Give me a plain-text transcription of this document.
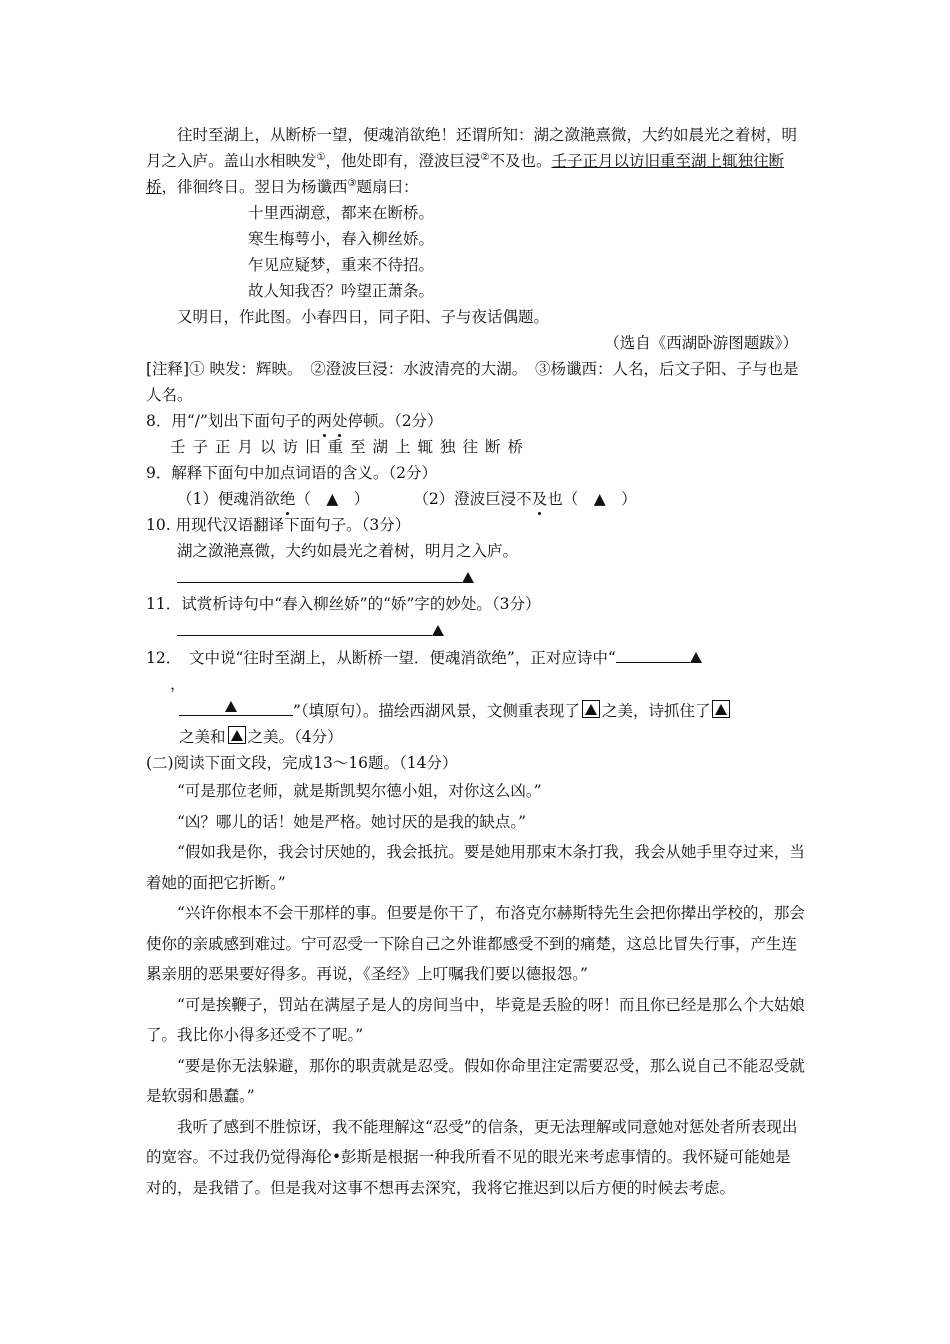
往时至湖上，从断桥一望，便魂消欲绝！还谓所知：湖之潋滟熹微，大约如晨光之着树，明月之入庐。盖山水相映发①，他处即有，澄波巨浸②不及也。壬子正月以访旧重至湖上辄独往断桥，徘徊终日。翌日为杨谶西③题扇曰：

十里西湖意，都来在断桥。

寒生梅萼小，春入柳丝娇。

乍见应疑梦，重来不待招。

故人知我否？吟望正萧条。

又明日，作此图。小春四日，同子阳、子与夜话偶题。

（选自《西湖卧游图题跋》）

[注释]① 映发：辉映。　②澄波巨浸：水波清亮的大湖。　③杨谶西：人名，后文子阳、子与也是人名。

8．用“/”划出下面句子的两处停顿。（2分）

壬子正月以访旧重至湖上辄独往断桥

9．解释下面句中加点词语的含义。（2分）

（1）便魂消欲绝（　▲　）	（2）澄波巨浸不及也（　▲　）

10. 用现代汉语翻译下面句子。（3分）

湖之潋滟熹微，大约如晨光之着树，明月之入庐。

11．试赏析诗句中“春入柳丝娇”的“娇”字的妙处。（3分）

12．　文中说“往时至湖上，从断桥一望．便魂消欲绝”，正对应诗中“

，

”（填原句）。描绘西湖风景，文侧重表现了 之美，诗抓住了

之美和 之美。（4分）

(二)阅读下面文段，完成13～16题。（14分）

“可是那位老师，就是斯凯契尔德小姐，对你这么凶。”

“凶？哪儿的话！她是严格。她讨厌的是我的缺点。”

“假如我是你，我会讨厌她的，我会抵抗。要是她用那束木条打我，我会从她手里夺过来，当着她的面把它折断。”

“兴许你根本不会干那样的事。但要是你干了，布洛克尔赫斯特先生会把你撵出学校的，那会使你的亲戚感到难过。宁可忍受一下除自己之外谁都感受不到的痛楚，这总比冒失行事，产生连累亲朋的恶果要好得多。再说，《圣经》上叮嘱我们要以德报怨。”

“可是挨鞭子，罚站在满屋子是人的房间当中，毕竟是丢脸的呀！而且你已经是那么个大姑娘了。我比你小得多还受不了呢。”

“要是你无法躲避，那你的职责就是忍受。假如你命里注定需要忍受，那么说自己不能忍受就是软弱和愚蠢。”

我听了感到不胜惊讶，我不能理解这“忍受”的信条，更无法理解或同意她对惩处者所表现出的宽容。不过我仍觉得海伦•彭斯是根据一种我所看不见的眼光来考虑事情的。我怀疑可能她是对的，是我错了。但是我对这事不想再去深究，我将它推迟到以后方便的时候去考虑。
